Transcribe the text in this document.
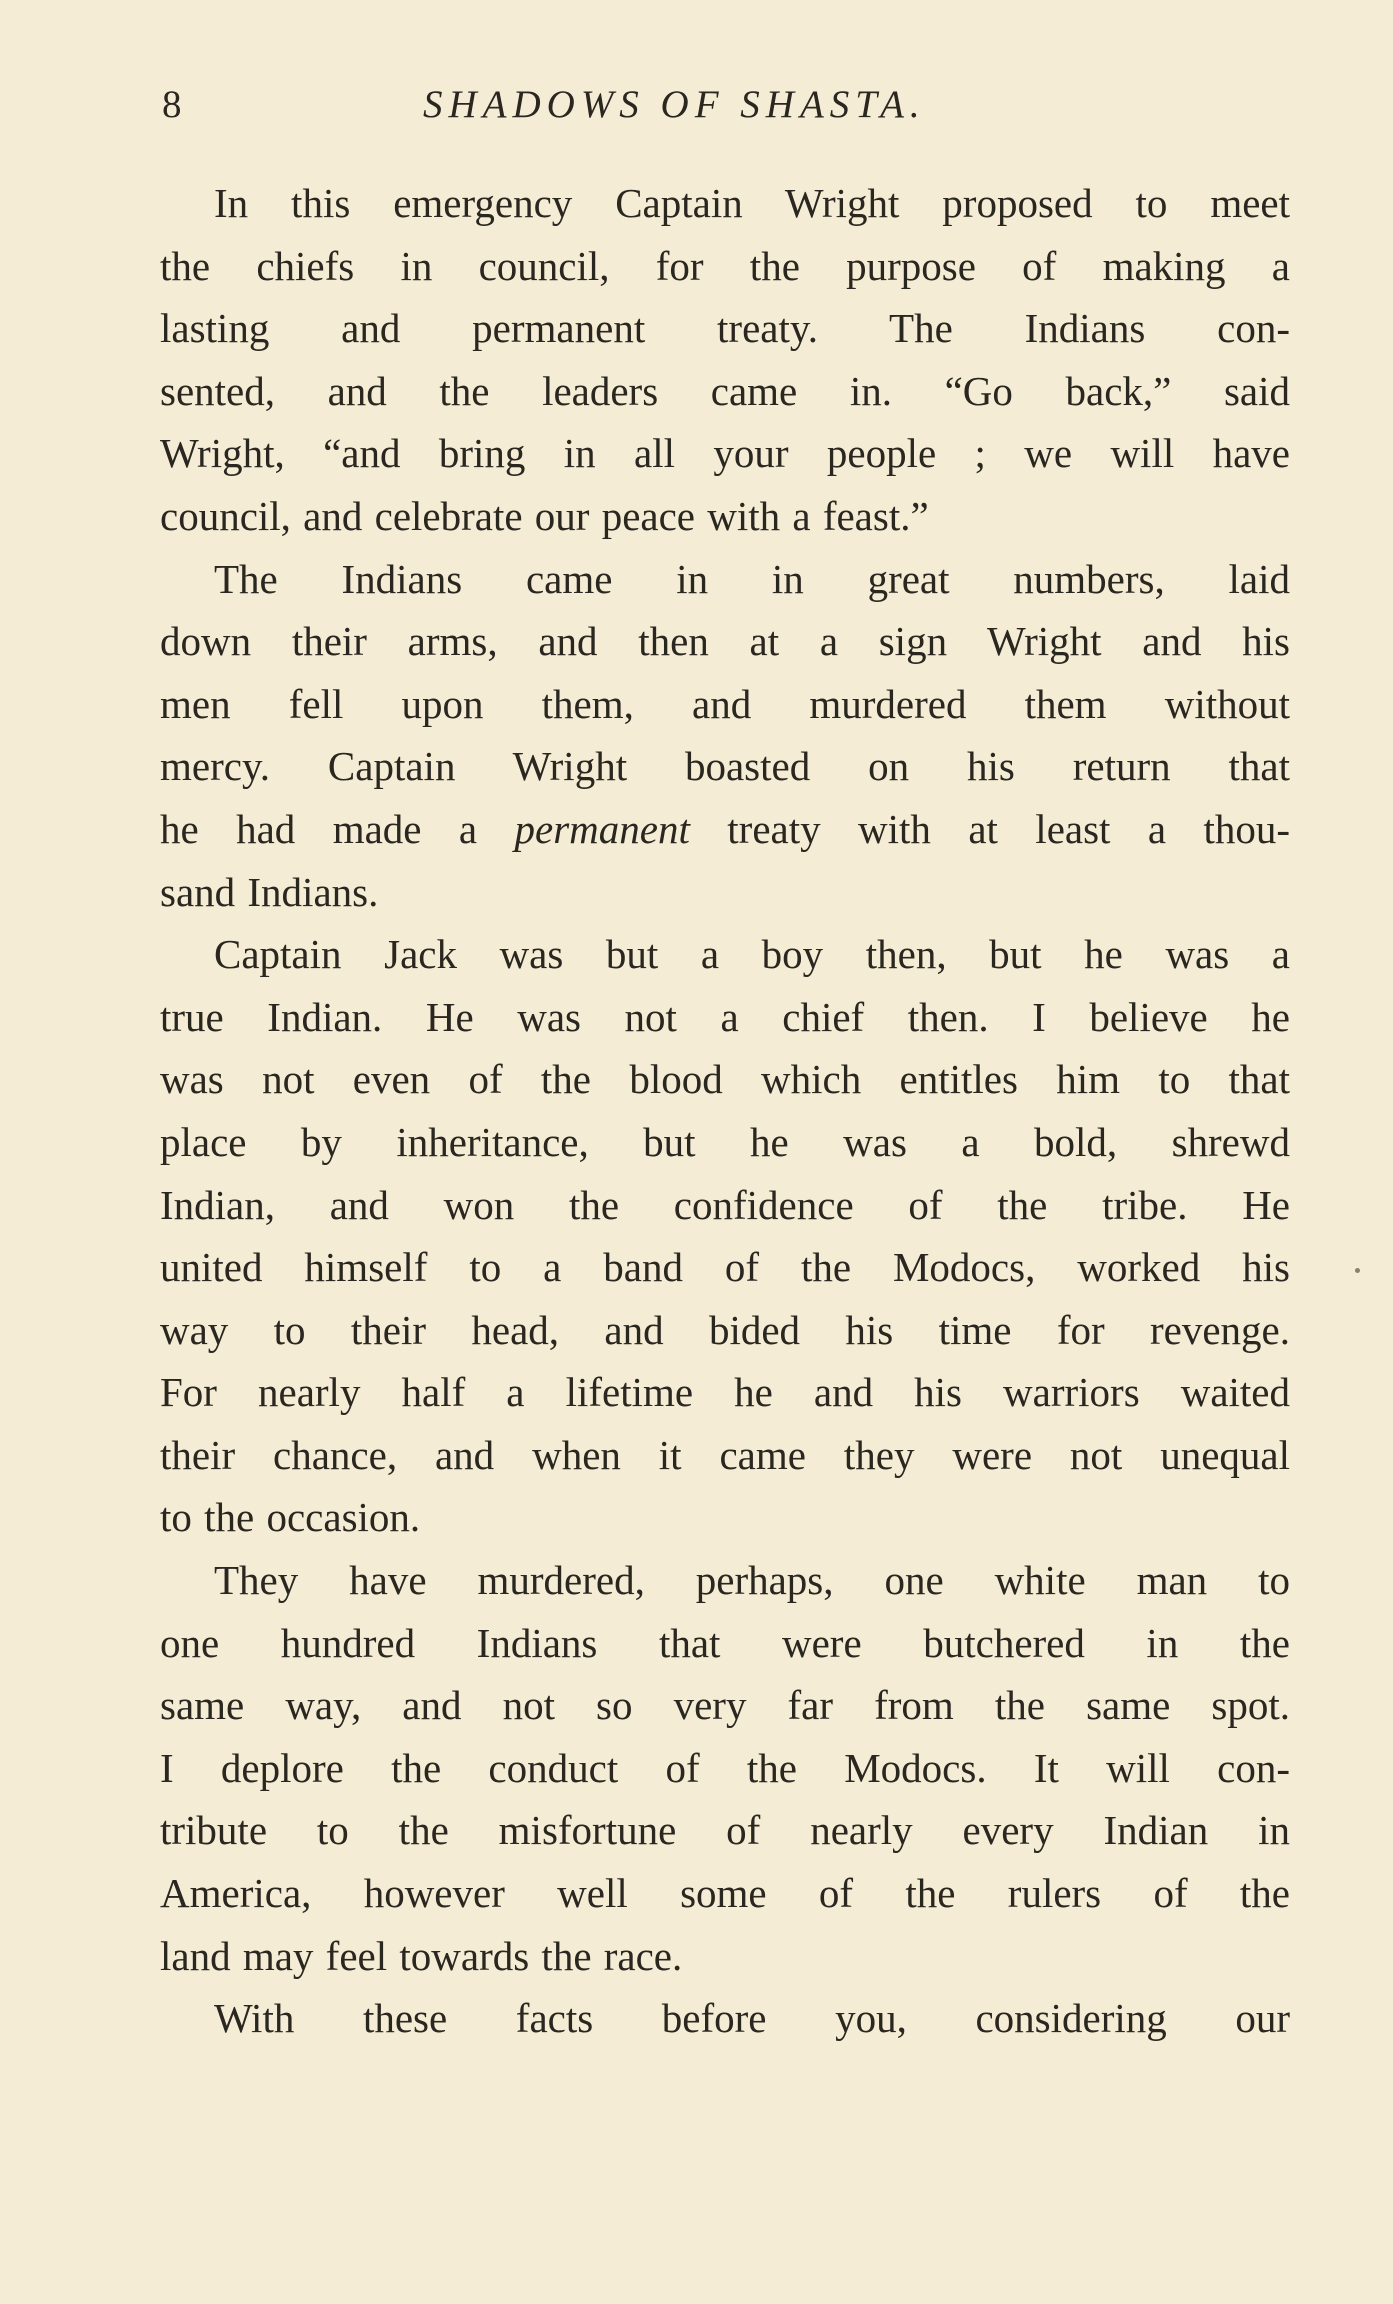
8	SHADOWS OF SHASTA.
In this emergency Captain Wright proposed to meet
the chiefs in council, for the purpose of making a
lasting and permanent treaty. The Indians con-
sented, and the leaders came in. “Go back,” said
Wright, “and bring in all your people ; we will have
council, and celebrate our peace with a feast.”
The Indians came in in great numbers, laid
down their arms, and then at a sign Wright and his
men fell upon them, and murdered them without
mercy. Captain Wright boasted on his return that
he had made a permanent treaty with at least a thou-
sand Indians.
Captain Jack was but a boy then, but he was a
true Indian. He was not a chief then. I believe he
was not even of the blood which entitles him to that
place by inheritance, but he was a bold, shrewd
Indian, and won the confidence of the tribe. He
united himself to a band of the Modocs, worked his
way to their head, and bided his time for revenge.
For nearly half a lifetime he and his warriors waited
their chance, and when it came they were not unequal
to the occasion.
They have murdered, perhaps, one white man to
one hundred Indians that were butchered in the
same way, and not so very far from the same spot.
I deplore the conduct of the Modocs. It will con-
tribute to the misfortune of nearly every Indian in
America, however well some of the rulers of the
land may feel towards the race.
With these facts before you, considering our
